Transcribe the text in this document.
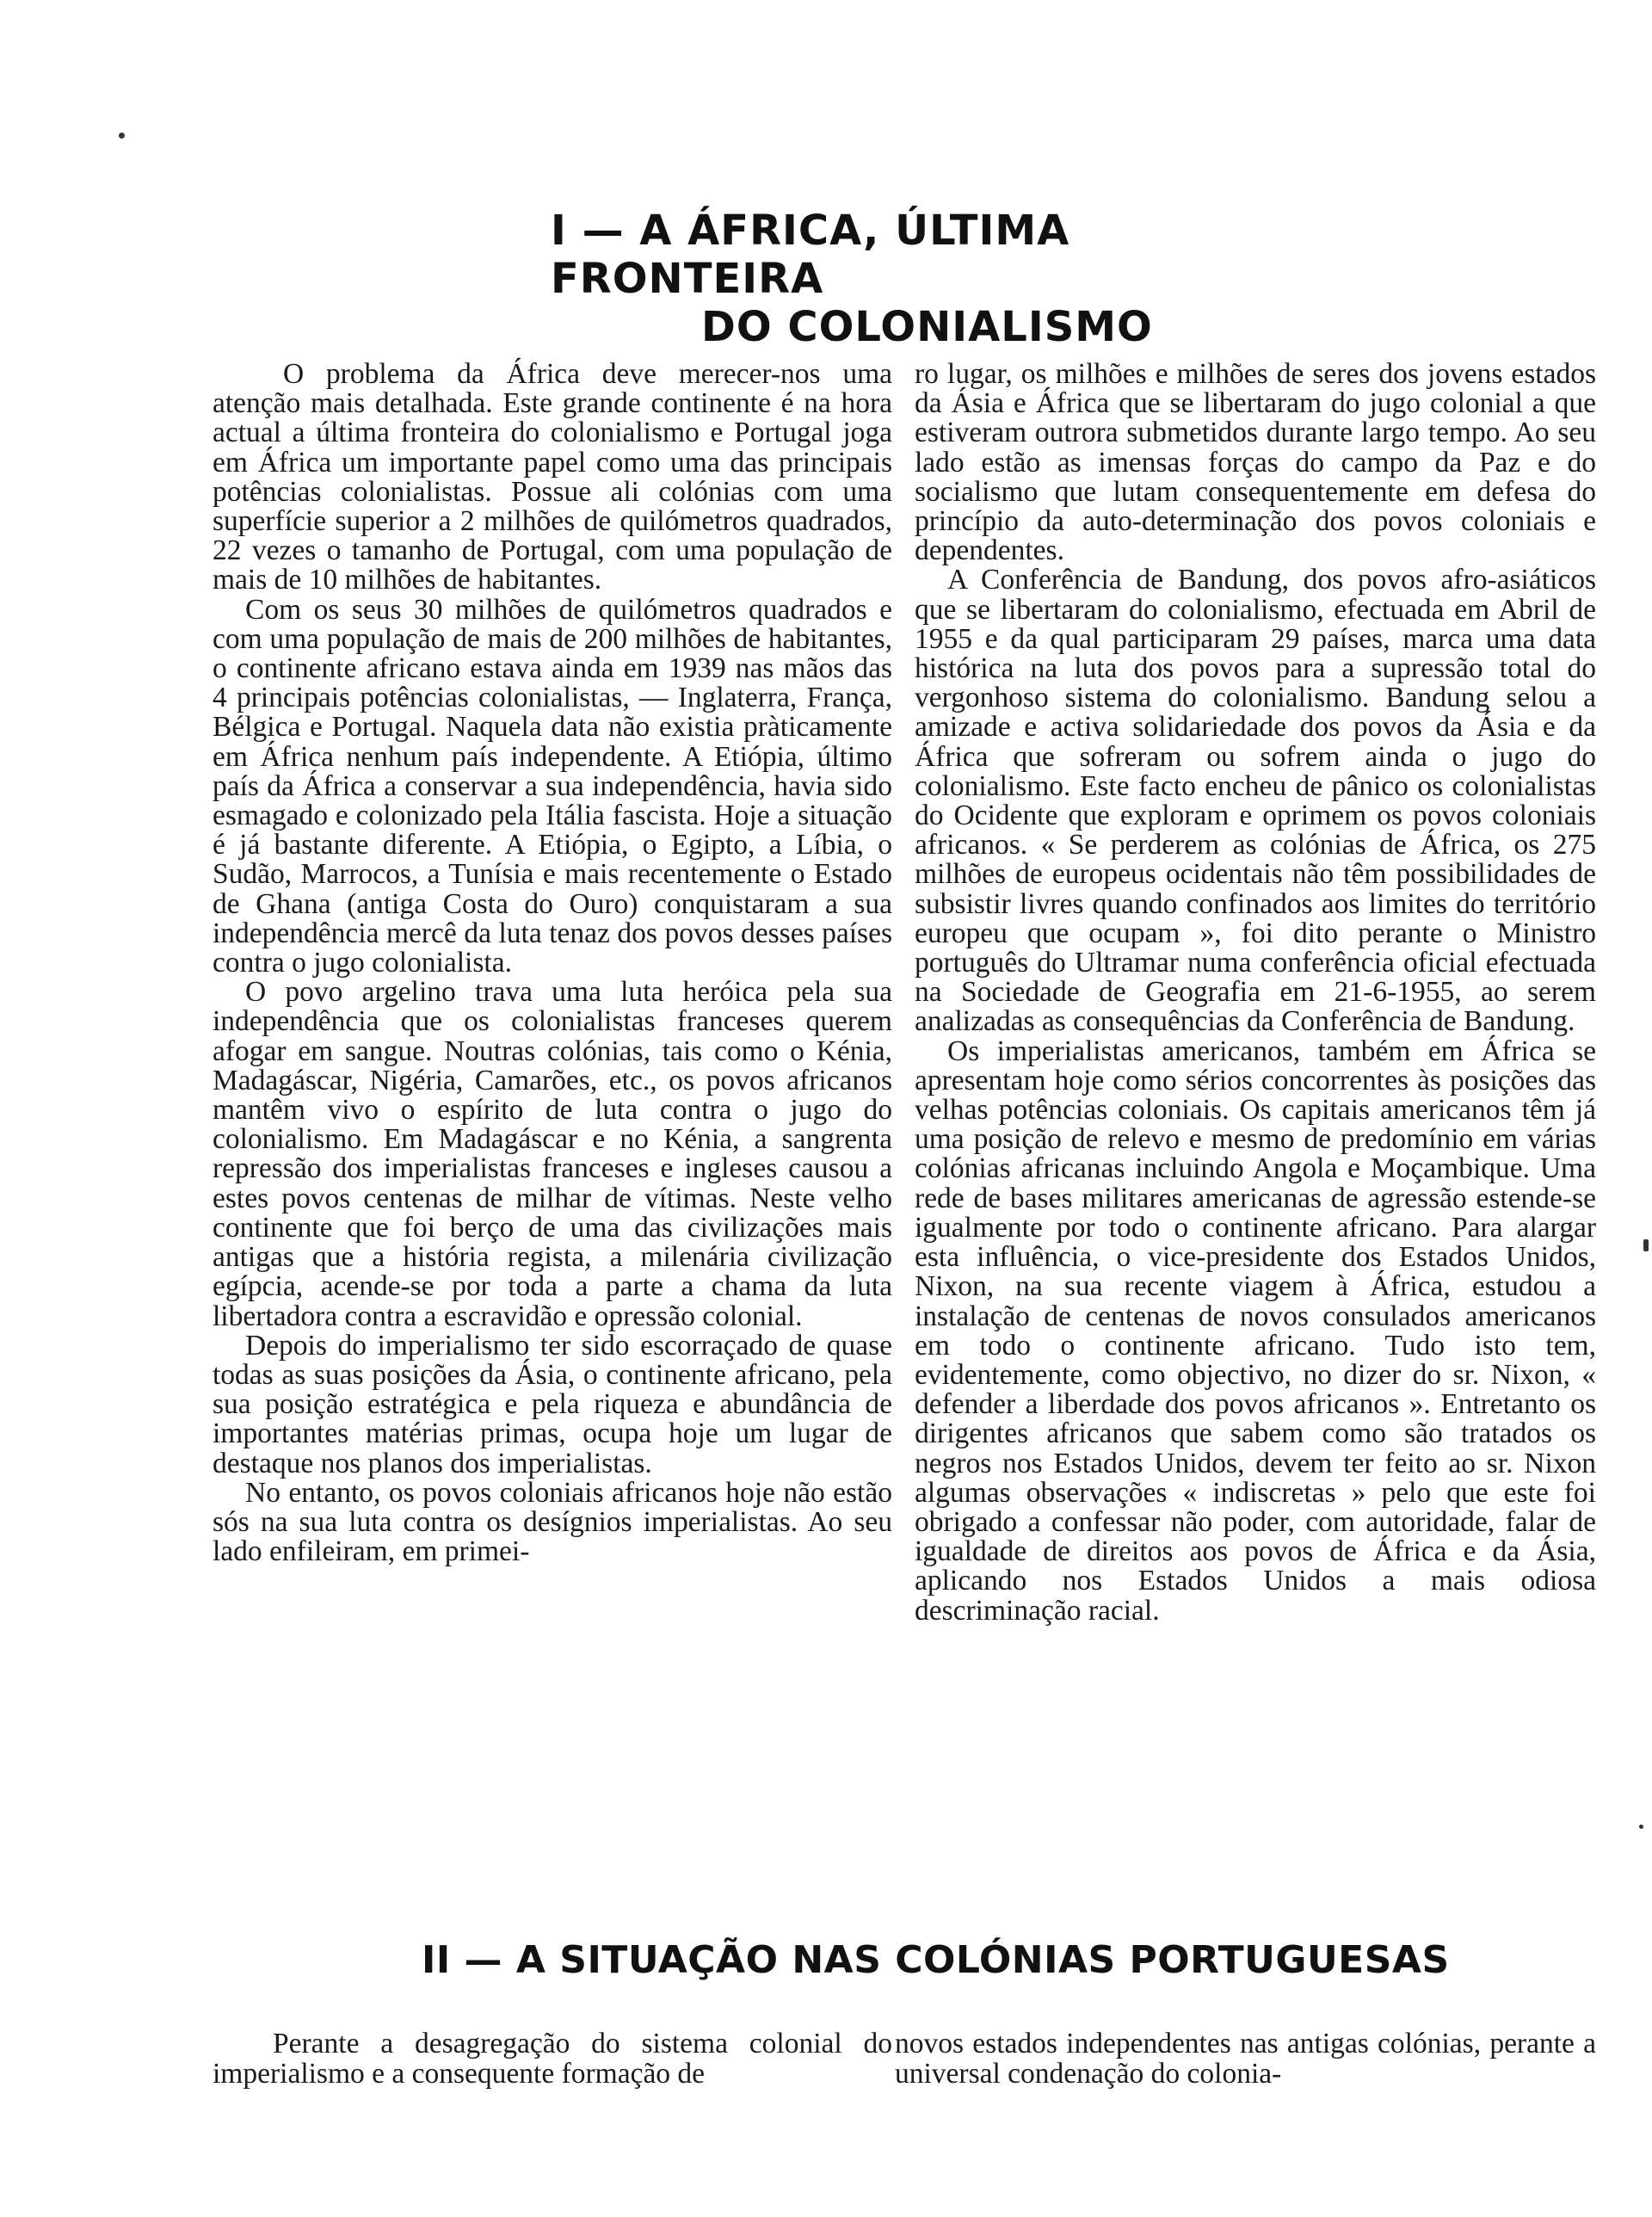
I — A ÁFRICA, ÚLTIMA FRONTEIRA
DO COLONIALISMO

O problema da África deve merecer-nos uma atenção mais detalhada. Este grande continente é na hora actual a última fronteira do colonialismo e Portugal joga em África um importante papel como uma das principais potências colonialistas. Possue ali colónias com uma superfície superior a 2 milhões de quilómetros quadrados, 22 vezes o tamanho de Portugal, com uma população de mais de 10 milhões de habitantes.

Com os seus 30 milhões de quilómetros quadrados e com uma população de mais de 200 milhões de habitantes, o continente africano estava ainda em 1939 nas mãos das 4 principais potências colonialistas, — Inglaterra, França, Bélgica e Portugal. Naquela data não existia pràticamente em África nenhum país independente. A Etiópia, último país da África a conservar a sua independência, havia sido esmagado e colonizado pela Itália fascista. Hoje a situação é já bastante diferente. A Etiópia, o Egipto, a Líbia, o Sudão, Marrocos, a Tunísia e mais recentemente o Estado de Ghana (antiga Costa do Ouro) conquistaram a sua independência mercê da luta tenaz dos povos desses países contra o jugo colonialista.

O povo argelino trava uma luta heróica pela sua independência que os colonialistas franceses querem afogar em sangue. Noutras colónias, tais como o Kénia, Madagáscar, Nigéria, Camarões, etc., os povos africanos mantêm vivo o espírito de luta contra o jugo do colonialismo. Em Madagáscar e no Kénia, a sangrenta repressão dos imperialistas franceses e ingleses causou a estes povos centenas de milhar de vítimas. Neste velho continente que foi berço de uma das civilizações mais antigas que a história regista, a milenária civilização egípcia, acende-se por toda a parte a chama da luta libertadora contra a escravidão e opressão colonial.

Depois do imperialismo ter sido escorraçado de quase todas as suas posições da Ásia, o continente africano, pela sua posição estratégica e pela riqueza e abundância de importantes matérias primas, ocupa hoje um lugar de destaque nos planos dos imperialistas.

No entanto, os povos coloniais africanos hoje não estão sós na sua luta contra os desígnios imperialistas. Ao seu lado enfileiram, em primei-

ro lugar, os milhões e milhões de seres dos jovens estados da Ásia e África que se libertaram do jugo colonial a que estiveram outrora submetidos durante largo tempo. Ao seu lado estão as imensas forças do campo da Paz e do socialismo que lutam consequentemente em defesa do princípio da auto-determinação dos povos coloniais e dependentes.

A Conferência de Bandung, dos povos afro-asiáticos que se libertaram do colonialismo, efectuada em Abril de 1955 e da qual participaram 29 países, marca uma data histórica na luta dos povos para a supressão total do vergonhoso sistema do colonialismo. Bandung selou a amizade e activa solidariedade dos povos da Ásia e da África que sofreram ou sofrem ainda o jugo do colonialismo. Este facto encheu de pânico os colonialistas do Ocidente que exploram e oprimem os povos coloniais africanos. « Se perderem as colónias de África, os 275 milhões de europeus ocidentais não têm possibilidades de subsistir livres quando confinados aos limites do território europeu que ocupam », foi dito perante o Ministro português do Ultramar numa conferência oficial efectuada na Sociedade de Geografia em 21-6-1955, ao serem analizadas as consequências da Conferência de Bandung.

Os imperialistas americanos, também em África se apresentam hoje como sérios concorrentes às posições das velhas potências coloniais. Os capitais americanos têm já uma posição de relevo e mesmo de predomínio em várias colónias africanas incluindo Angola e Moçambique. Uma rede de bases militares americanas de agressão estende-se igualmente por todo o continente africano. Para alargar esta influência, o vice-presidente dos Estados Unidos, Nixon, na sua recente viagem à África, estudou a instalação de centenas de novos consulados americanos em todo o continente africano. Tudo isto tem, evidentemente, como objectivo, no dizer do sr. Nixon, « defender a liberdade dos povos africanos ». Entretanto os dirigentes africanos que sabem como são tratados os negros nos Estados Unidos, devem ter feito ao sr. Nixon algumas observações « indiscretas » pelo que este foi obrigado a confessar não poder, com autoridade, falar de igualdade de direitos aos povos de África e da Ásia, aplicando nos Estados Unidos a mais odiosa descriminação racial.

II — A SITUAÇÃO NAS COLÓNIAS PORTUGUESAS

Perante a desagregação do sistema colonial do imperialismo e a consequente formação de

novos estados independentes nas antigas colónias, perante a universal condenação do colonia-
